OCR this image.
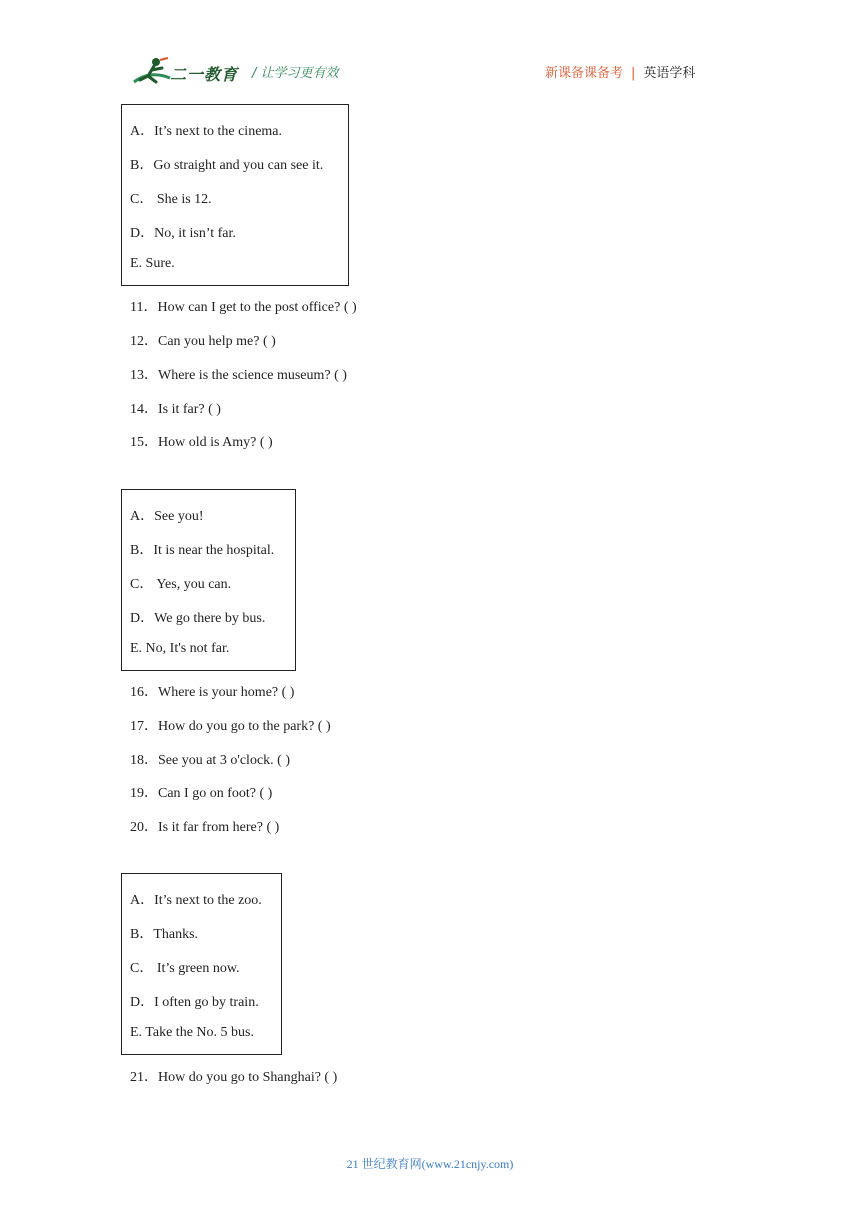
二一教育 / 让学习更有效	新课备课备考 | 英语学科
A．It’s next to the cinema.
B．Go straight and you can see it.
C． She is 12.
D．No, it isn’t far.
E. Sure.
11．How can I get to the post office? ( )
12．Can you help me? ( )
13．Where is the science museum? ( )
14．Is it far? ( )
15．How old is Amy? ( )
A．See you!
B．It is near the hospital.
C． Yes, you can.
D．We go there by bus.
E. No, It's not far.
16．Where is your home? ( )
17．How do you go to the park? ( )
18．See you at 3 o'clock. ( )
19．Can I go on foot? ( )
20．Is it far from here? ( )
A．It’s next to the zoo.
B．Thanks.
C． It’s green now.
D．I often go by train.
E. Take the No. 5 bus.
21．How do you go to Shanghai? ( )
21 世纪教育网(www.21cnjy.com)
